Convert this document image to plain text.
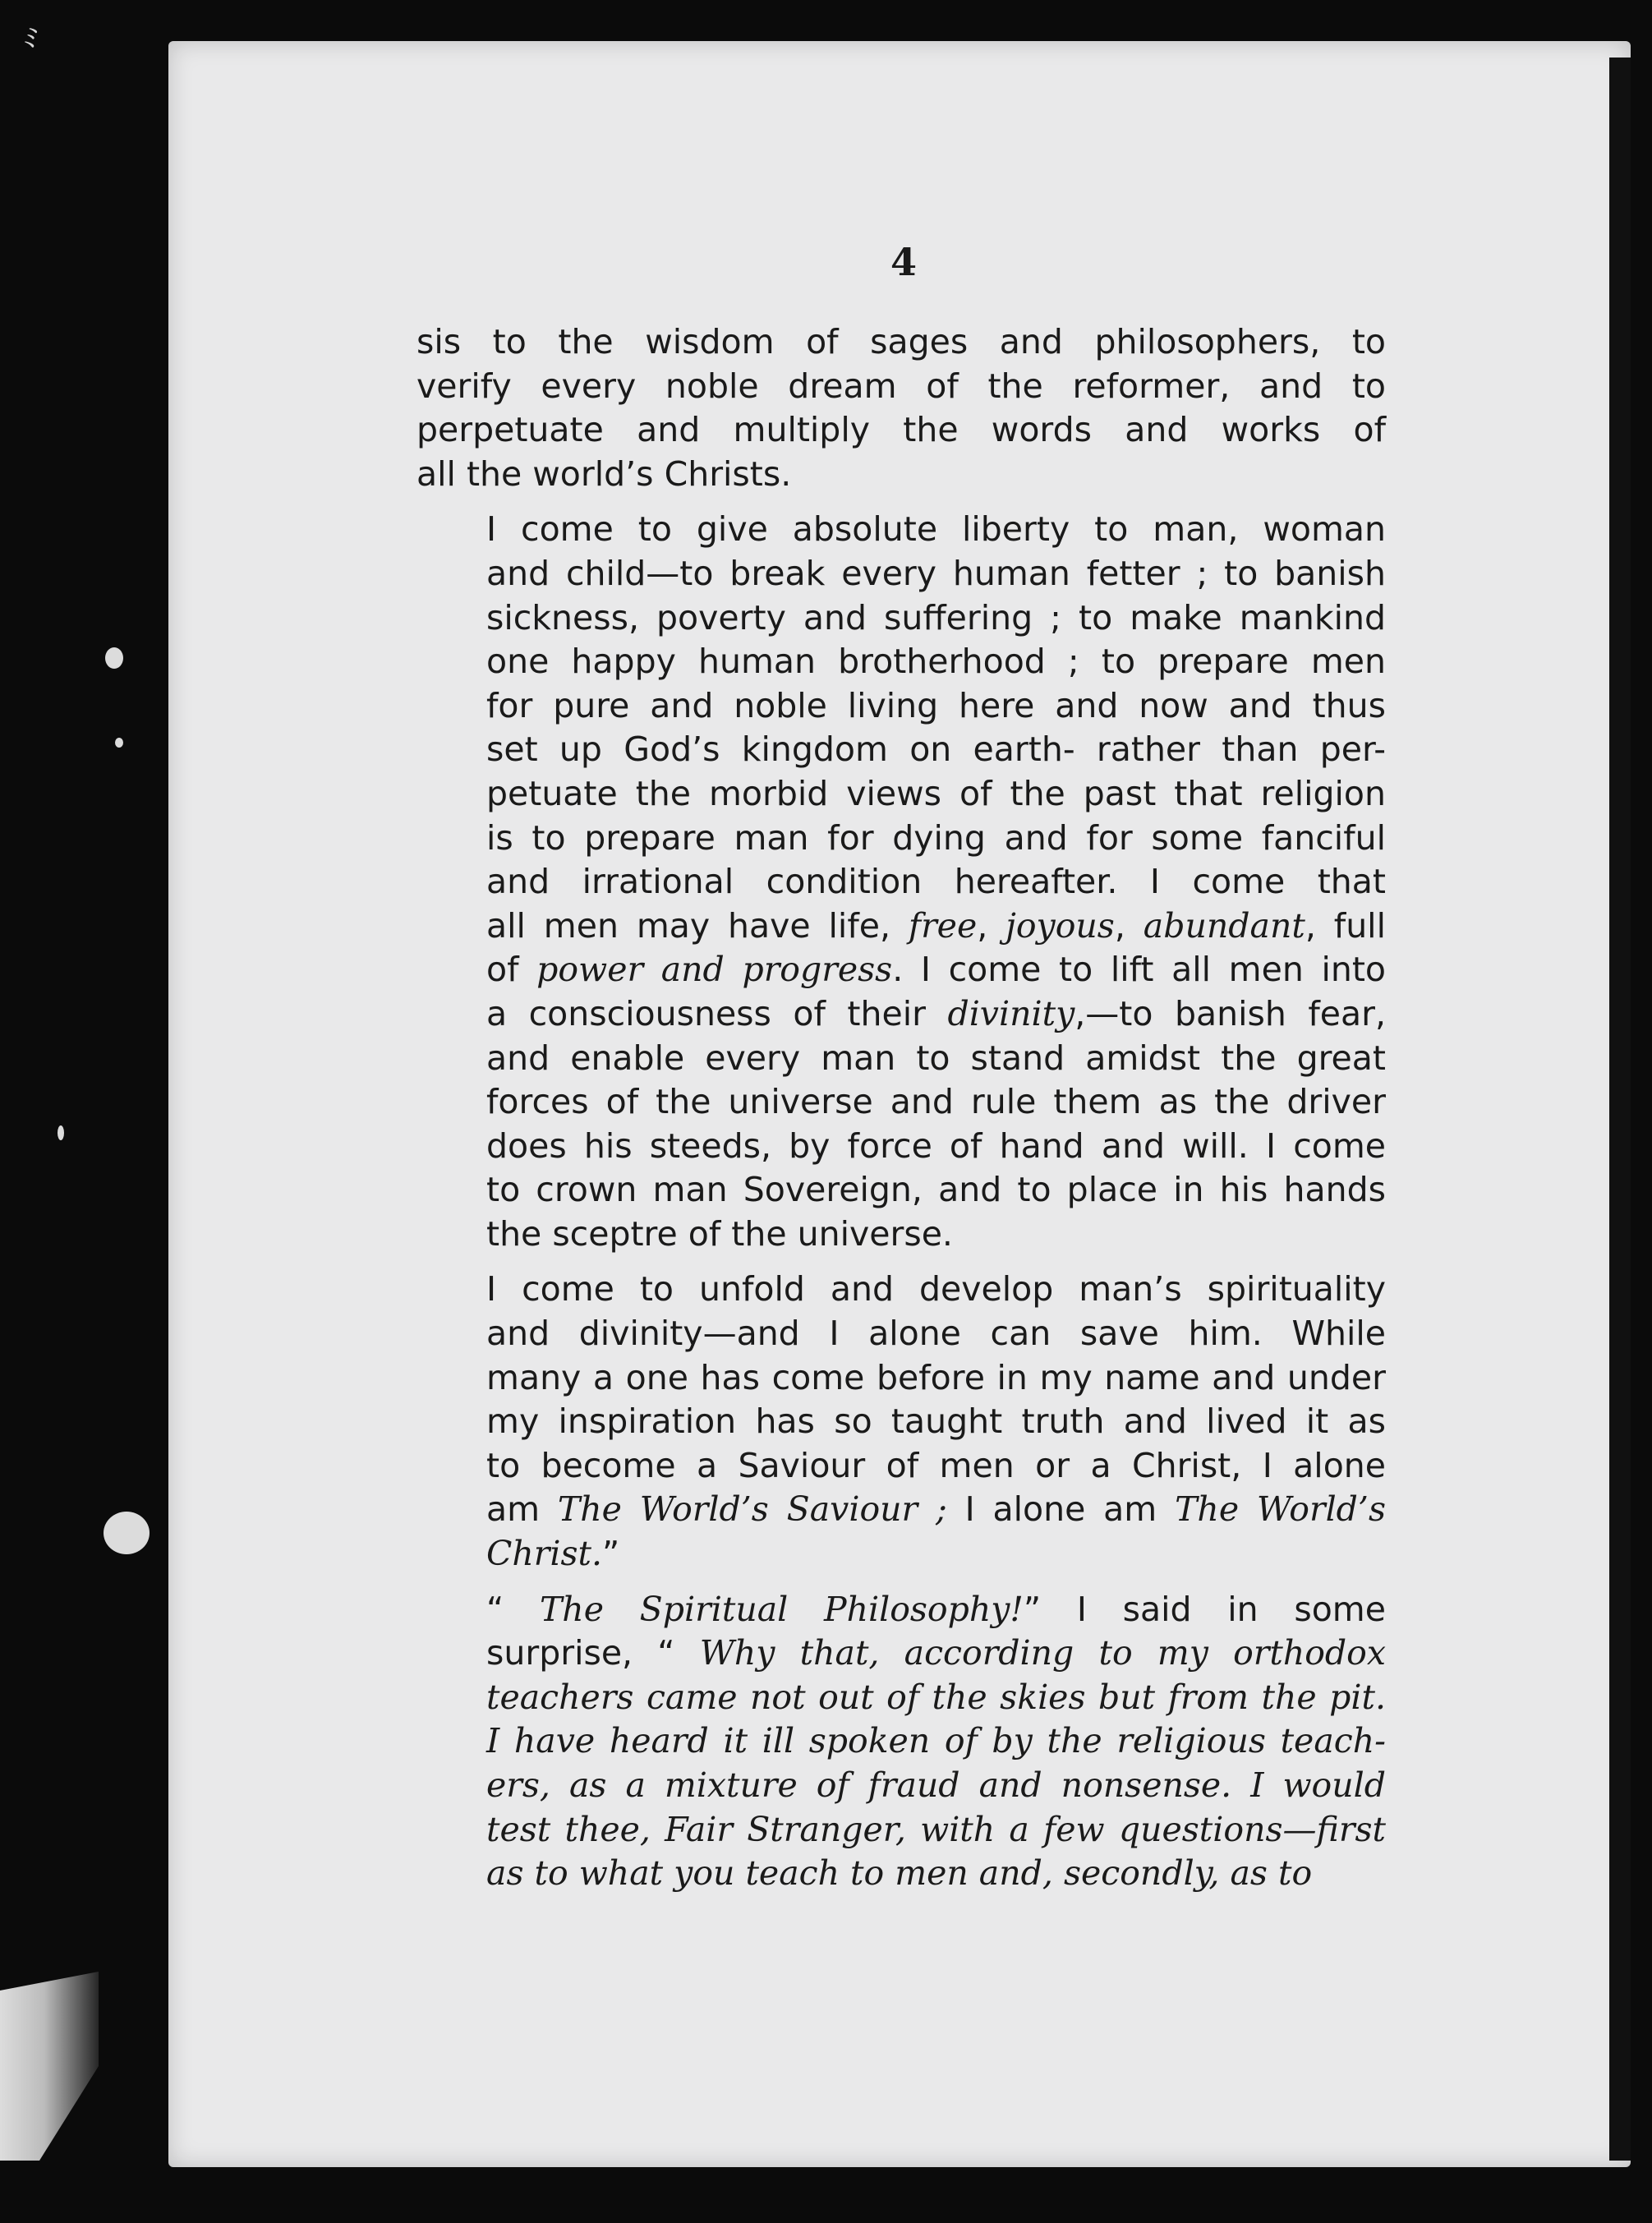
ﾐ
4

sis to the wisdom of sages and philosophers, to
verify every noble dream of the reformer, and to
perpetuate and multiply the words and works of
all the world’s Christs.

I come to give absolute liberty to man, woman
and child—to break every human fetter ; to banish
sickness, poverty and suffering ; to make mankind
one happy human brotherhood ; to prepare men
for pure and noble living here and now and thus
set up God’s kingdom on earth- rather than per-
petuate the morbid views of the past that religion
is to prepare man for dying and for some fanciful
and irrational condition hereafter. I come that
all men may have life, free, joyous, abundant, full
of power and progress. I come to lift all men into
a consciousness of their divinity,—to banish fear,
and enable every man to stand amidst the great
forces of the universe and rule them as the driver
does his steeds, by force of hand and will. I come
to crown man Sovereign, and to place in his hands
the sceptre of the universe.

I come to unfold and develop man’s spirituality
and divinity—and I alone can save him. While
many a one has come before in my name and under
my inspiration has so taught truth and lived it as
to become a Saviour of men or a Christ, I alone
am The World’s Saviour ; I alone am The World’s
Christ.”

“ The Spiritual Philosophy!” I said in some
surprise, “ Why that, according to my orthodox
teachers came not out of the skies but from the pit.
I have heard it ill spoken of by the religious teach-
ers, as a mixture of fraud and nonsense. I would
test thee, Fair Stranger, with a few questions—first
as to what you teach to men and, secondly, as to
